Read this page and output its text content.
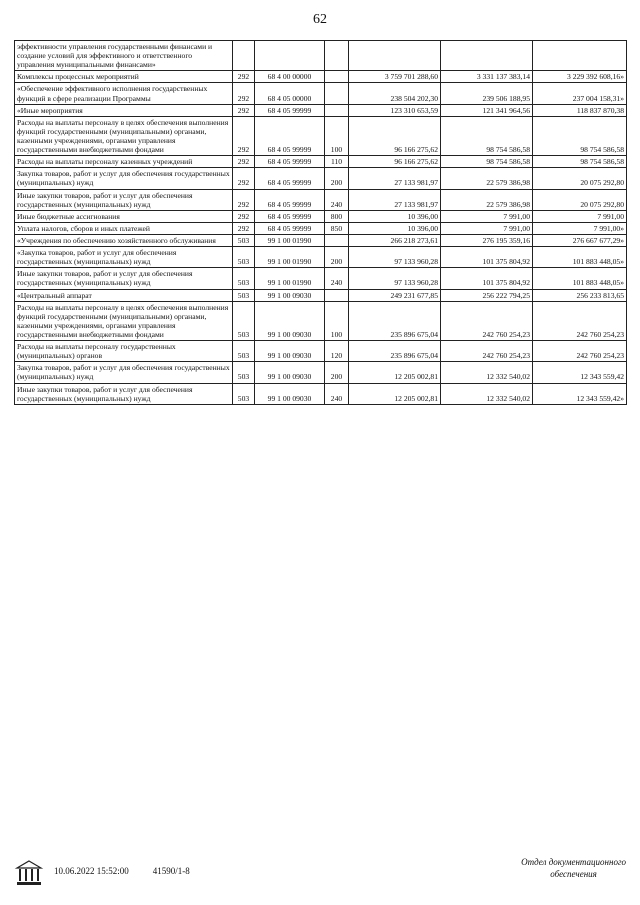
62
эффективности управления государственными финансами и создание условий для эффективного и ответственного управления муниципальными финансами»						
Комплексы процессных мероприятий	292	68 4 00 00000		3 759 701 288,60	3 331 137 383,14	3 229 392 608,16»
«Обеспечение эффективного исполнения государственных функций в сфере реализации Программы	292	68 4 05 00000		238 504 202,30	239 506 188,95	237 004 158,31»
«Иные мероприятия	292	68 4 05 99999		123 310 653,59	121 341 964,56	118 837 870,38
Расходы на выплаты персоналу в целях обеспечения выполнения функций государственными (муниципальными) органами, казенными учреждениями, органами управления государственными внебюджетными фондами	292	68 4 05 99999	100	96 166 275,62	98 754 586,58	98 754 586,58
Расходы на выплаты персоналу казенных учреждений	292	68 4 05 99999	110	96 166 275,62	98 754 586,58	98 754 586,58
Закупка товаров, работ и услуг для обеспечения государственных (муниципальных) нужд	292	68 4 05 99999	200	27 133 981,97	22 579 386,98	20 075 292,80
Иные закупки товаров, работ и услуг для обеспечения государственных (муниципальных) нужд	292	68 4 05 99999	240	27 133 981,97	22 579 386,98	20 075 292,80
Иные бюджетные ассигнования	292	68 4 05 99999	800	10 396,00	7 991,00	7 991,00
Уплата налогов, сборов и иных платежей	292	68 4 05 99999	850	10 396,00	7 991,00	7 991,00»
«Учреждения по обеспечению хозяйственного обслуживания	503	99 1 00 01990		266 218 273,61	276 195 359,16	276 667 677,29»
«Закупка товаров, работ и услуг для обеспечения государственных (муниципальных) нужд	503	99 1 00 01990	200	97 133 960,28	101 375 804,92	101 883 448,05»
Иные закупки товаров, работ и услуг для обеспечения государственных (муниципальных) нужд	503	99 1 00 01990	240	97 133 960,28	101 375 804,92	101 883 448,05»
«Центральный аппарат	503	99 1 00 09030		249 231 677,85	256 222 794,25	256 233 813,65
Расходы на выплаты персоналу в целях обеспечения выполнения функций государственными (муниципальными) органами, казенными учреждениями, органами управления государственными внебюджетными фондами	503	99 1 00 09030	100	235 896 675,04	242 760 254,23	242 760 254,23
Расходы на выплаты персоналу государственных (муниципальных) органов	503	99 1 00 09030	120	235 896 675,04	242 760 254,23	242 760 254,23
Закупка товаров, работ и услуг для обеспечения государственных (муниципальных) нужд	503	99 1 00 09030	200	12 205 002,81	12 332 540,02	12 343 559,42
Иные закупки товаров, работ и услуг для обеспечения государственных (муниципальных) нужд	503	99 1 00 09030	240	12 205 002,81	12 332 540,02	12 343 559,42»
10.06.2022 15:52:00	41590/1-8
Отдел документационного
обеспечения
